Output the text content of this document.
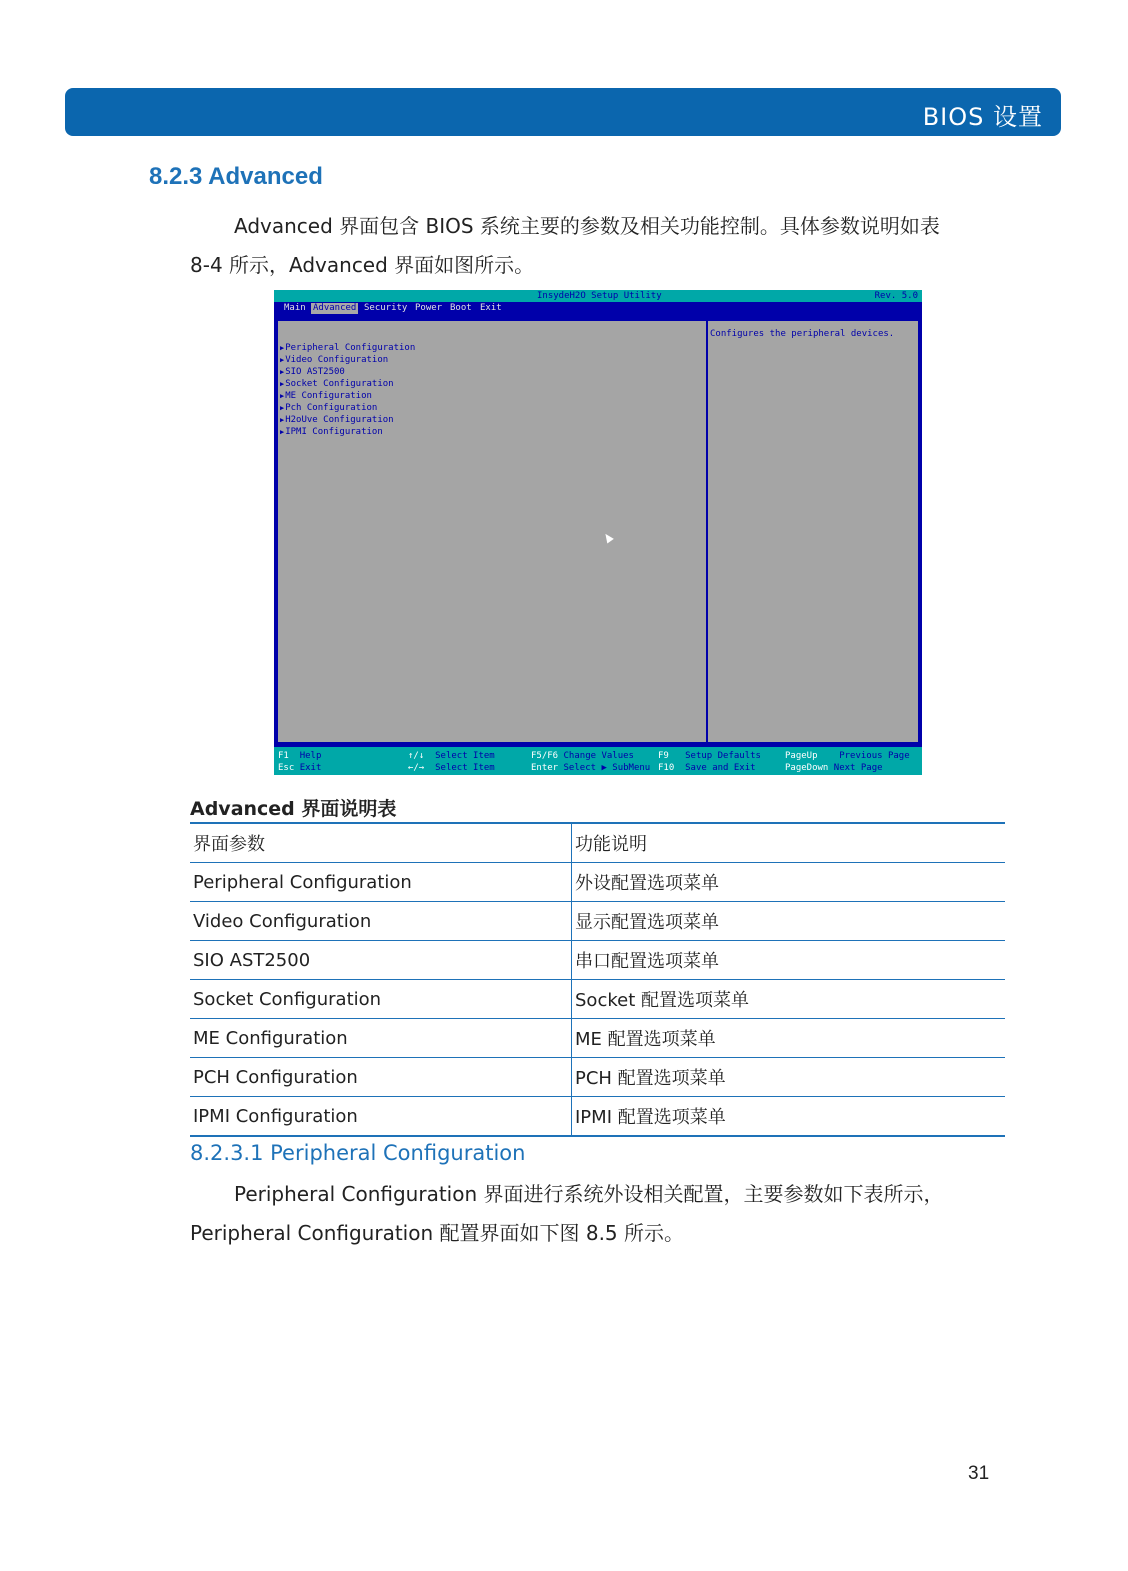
BIOS 设置
8.2.3 Advanced
Advanced 界面包含 BIOS 系统主要的参数及相关功能控制。具体参数说明如表
8-4 所示，Advanced 界面如图所示。
InsydeH2O Setup Utility	Rev. 5.0
Main Advanced Security Power Boot Exit
▶Peripheral Configuration
▶Video Configuration
▶SIO AST2500
▶Socket Configuration
▶ME Configuration
▶Pch Configuration
▶H2oUve Configuration
▶IPMI Configuration
Configures the peripheral devices.
F1 Help
Esc Exit
↑/↓ Select Item
←/→ Select Item
F5/F6 Change Values
Enter Select ▶ SubMenu
F9 Setup Defaults
F10 Save and Exit
PageUp Previous Page
PageDown Next Page
Advanced 界面说明表
界面参数	功能说明
Peripheral Configuration	外设配置选项菜单
Video Configuration	显示配置选项菜单
SIO AST2500	串口配置选项菜单
Socket Configuration	Socket 配置选项菜单
ME Configuration	ME 配置选项菜单
PCH Configuration	PCH 配置选项菜单
IPMI Configuration	IPMI 配置选项菜单
8.2.3.1 Peripheral Configuration
Peripheral Configuration 界面进行系统外设相关配置，主要参数如下表所示，
Peripheral Configuration 配置界面如下图 8.5 所示。
31
